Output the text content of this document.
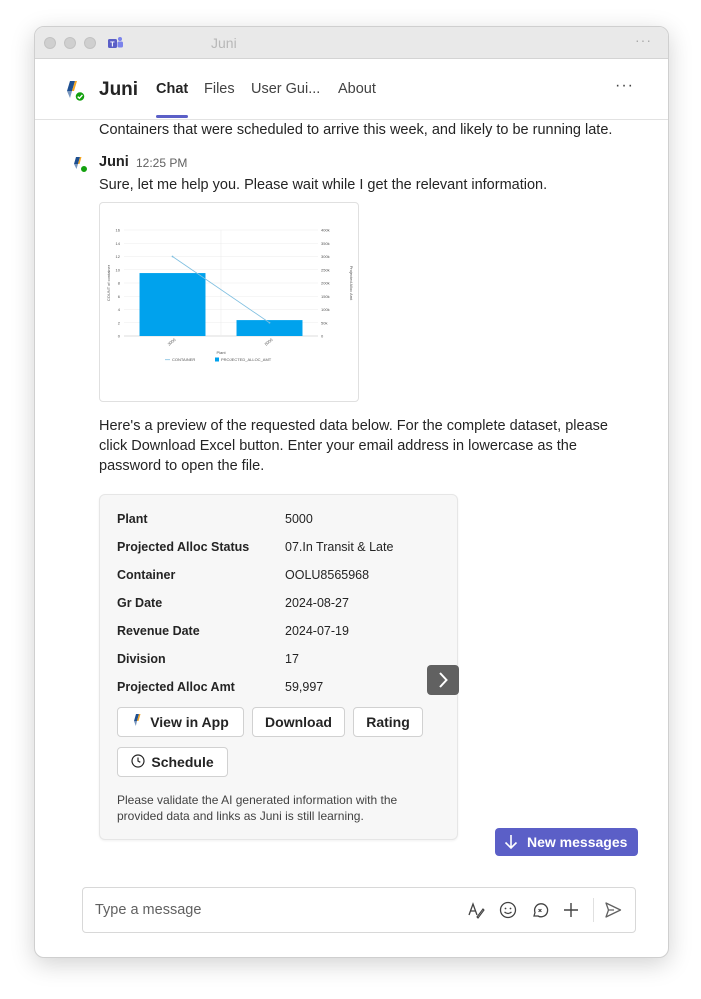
T	Juni	···
Juni Chat Files User Gui... About	···
Containers that were scheduled to arrive this week, and likely to be running late.
Juni 12:25 PM
Sure, let me help you. Please wait while I get the relevant information.
0
2
4
6
8
10
12
14
16
0
50k
100k
150k
200k
250k
300k
350k
400k
3000	5000
Plant
COUNT of container	Projected Alloc Amt
CONTAINER	PROJECTED_ALLOC_AMT
Here's a preview of the requested data below. For the complete dataset, please
click Download Excel button. Enter your email address in lowercase as the
password to open the file.
Plant	5000
Projected Alloc Status	07.In Transit & Late
Container	OOLU8565968
Gr Date	2024-08-27
Revenue Date	2024-07-19
Division	17
Projected Alloc Amt	59,997
View in App	Download	Rating
Schedule
Please validate the AI generated information with the provided data and links as Juni is still learning.
New messages
Type a message
